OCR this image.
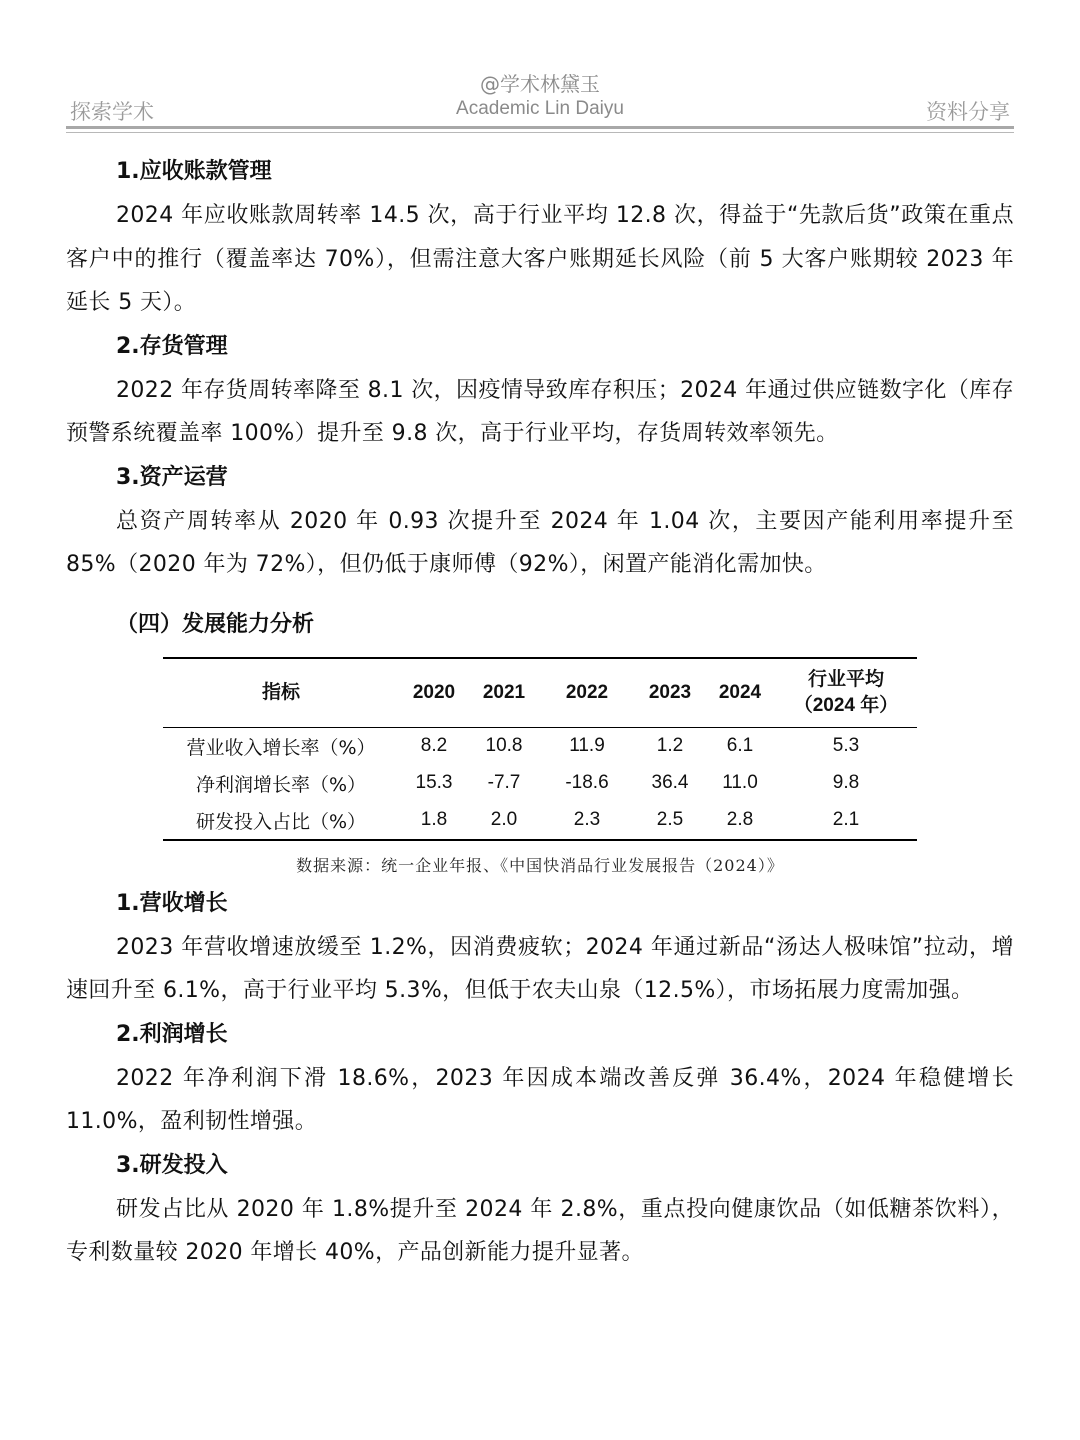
@学术林黛玉
Academic Lin Daiyu
探索学术	资料分享
1.应收账款管理

2024 年应收账款周转率 14.5 次，高于行业平均 12.8 次，得益于“先款后货”政策在重点客户中的推行（覆盖率达 70%），但需注意大客户账期延长风险（前 5 大客户账期较 2023 年延长 5 天）。

2.存货管理

2022 年存货周转率降至 8.1 次，因疫情导致库存积压；2024 年通过供应链数字化（库存预警系统覆盖率 100%）提升至 9.8 次，高于行业平均，存货周转效率领先。

3.资产运营

总资产周转率从 2020 年 0.93 次提升至 2024 年 1.04 次，主要因产能利用率提升至 85%（2020 年为 72%），但仍低于康师傅（92%），闲置产能消化需加快。

（四）发展能力分析
指标	2020	2021	2022	2023	2024	行业平均
（2024 年）

营业收入增长率（%）	8.2	10.8	11.9	1.2	6.1	5.3
净利润增长率（%）	15.3	-7.7	-18.6	36.4	11.0	9.8
研发投入占比（%）	1.8	2.0	2.3	2.5	2.8	2.1
数据来源：统一企业年报、《中国快消品行业发展报告（2024）》
1.营收增长

2023 年营收增速放缓至 1.2%，因消费疲软；2024 年通过新品“汤达人极味馆”拉动，增速回升至 6.1%，高于行业平均 5.3%，但低于农夫山泉（12.5%），市场拓展力度需加强。

2.利润增长

2022 年净利润下滑 18.6%，2023 年因成本端改善反弹 36.4%，2024 年稳健增长 11.0%，盈利韧性增强。

3.研发投入

研发占比从 2020 年 1.8%提升至 2024 年 2.8%，重点投向健康饮品（如低糖茶饮料），专利数量较 2020 年增长 40%，产品创新能力提升显著。
